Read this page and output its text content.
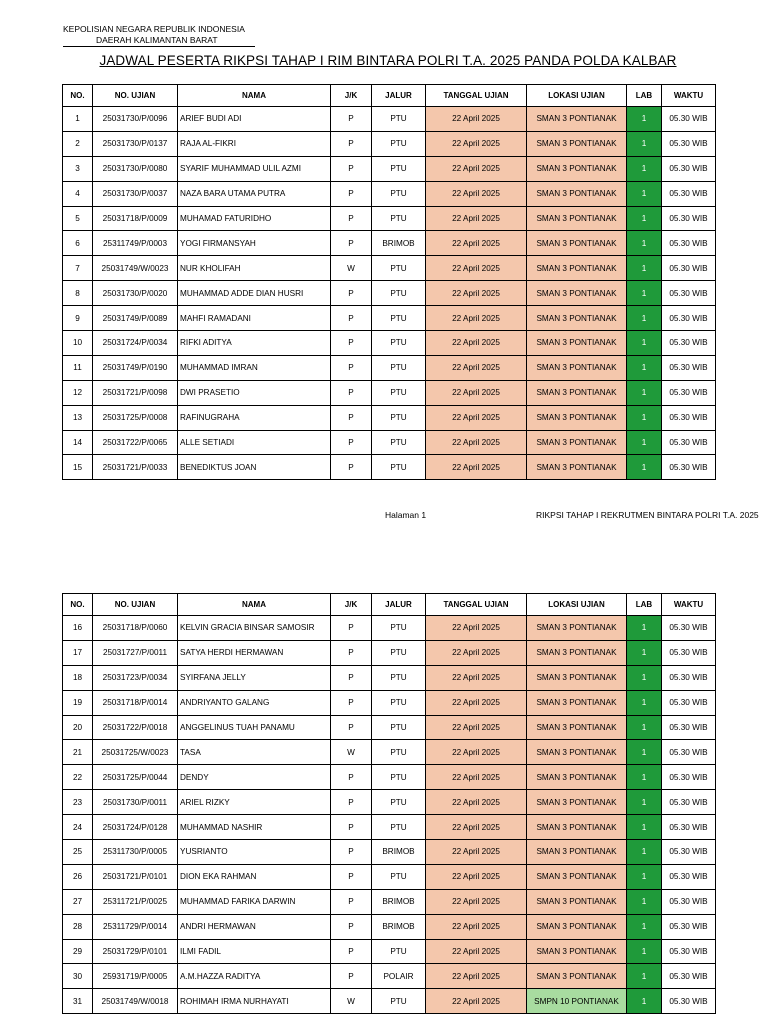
KEPOLISIAN NEGARA REPUBLIK INDONESIA
DAERAH KALIMANTAN BARAT
JADWAL PESERTA RIKPSI TAHAP I RIM BINTARA POLRI T.A. 2025 PANDA POLDA KALBAR
NO.	NO. UJIAN	NAMA	J/K	JALUR	TANGGAL UJIAN	LOKASI UJIAN	LAB	WAKTU
1	25031730/P/0096	ARIEF BUDI ADI	P	PTU	22 April 2025	SMAN 3 PONTIANAK	1	05.30 WIB
2	25031730/P/0137	RAJA AL-FIKRI	P	PTU	22 April 2025	SMAN 3 PONTIANAK	1	05.30 WIB
3	25031730/P/0080	SYARIF MUHAMMAD ULIL AZMI	P	PTU	22 April 2025	SMAN 3 PONTIANAK	1	05.30 WIB
4	25031730/P/0037	NAZA BARA UTAMA PUTRA	P	PTU	22 April 2025	SMAN 3 PONTIANAK	1	05.30 WIB
5	25031718/P/0009	MUHAMAD FATURIDHO	P	PTU	22 April 2025	SMAN 3 PONTIANAK	1	05.30 WIB
6	25311749/P/0003	YOGI FIRMANSYAH	P	BRIMOB	22 April 2025	SMAN 3 PONTIANAK	1	05.30 WIB
7	25031749/W/0023	NUR KHOLIFAH	W	PTU	22 April 2025	SMAN 3 PONTIANAK	1	05.30 WIB
8	25031730/P/0020	MUHAMMAD ADDE DIAN HUSRI	P	PTU	22 April 2025	SMAN 3 PONTIANAK	1	05.30 WIB
9	25031749/P/0089	MAHFI RAMADANI	P	PTU	22 April 2025	SMAN 3 PONTIANAK	1	05.30 WIB
10	25031724/P/0034	RIFKI ADITYA	P	PTU	22 April 2025	SMAN 3 PONTIANAK	1	05.30 WIB
11	25031749/P/0190	MUHAMMAD IMRAN	P	PTU	22 April 2025	SMAN 3 PONTIANAK	1	05.30 WIB
12	25031721/P/0098	DWI PRASETIO	P	PTU	22 April 2025	SMAN 3 PONTIANAK	1	05.30 WIB
13	25031725/P/0008	RAFINUGRAHA	P	PTU	22 April 2025	SMAN 3 PONTIANAK	1	05.30 WIB
14	25031722/P/0065	ALLE SETIADI	P	PTU	22 April 2025	SMAN 3 PONTIANAK	1	05.30 WIB
15	25031721/P/0033	BENEDIKTUS JOAN	P	PTU	22 April 2025	SMAN 3 PONTIANAK	1	05.30 WIB
Halaman 1	RIKPSI TAHAP I REKRUTMEN BINTARA POLRI T.A. 2025
NO.	NO. UJIAN	NAMA	J/K	JALUR	TANGGAL UJIAN	LOKASI UJIAN	LAB	WAKTU
16	25031718/P/0060	KELVIN GRACIA BINSAR SAMOSIR	P	PTU	22 April 2025	SMAN 3 PONTIANAK	1	05.30 WIB
17	25031727/P/0011	SATYA HERDI HERMAWAN	P	PTU	22 April 2025	SMAN 3 PONTIANAK	1	05.30 WIB
18	25031723/P/0034	SYIRFANA JELLY	P	PTU	22 April 2025	SMAN 3 PONTIANAK	1	05.30 WIB
19	25031718/P/0014	ANDRIYANTO GALANG	P	PTU	22 April 2025	SMAN 3 PONTIANAK	1	05.30 WIB
20	25031722/P/0018	ANGGELINUS TUAH PANAMU	P	PTU	22 April 2025	SMAN 3 PONTIANAK	1	05.30 WIB
21	25031725/W/0023	TASA	W	PTU	22 April 2025	SMAN 3 PONTIANAK	1	05.30 WIB
22	25031725/P/0044	DENDY	P	PTU	22 April 2025	SMAN 3 PONTIANAK	1	05.30 WIB
23	25031730/P/0011	ARIEL RIZKY	P	PTU	22 April 2025	SMAN 3 PONTIANAK	1	05.30 WIB
24	25031724/P/0128	MUHAMMAD NASHIR	P	PTU	22 April 2025	SMAN 3 PONTIANAK	1	05.30 WIB
25	25311730/P/0005	YUSRIANTO	P	BRIMOB	22 April 2025	SMAN 3 PONTIANAK	1	05.30 WIB
26	25031721/P/0101	DION EKA RAHMAN	P	PTU	22 April 2025	SMAN 3 PONTIANAK	1	05.30 WIB
27	25311721/P/0025	MUHAMMAD FARIKA DARWIN	P	BRIMOB	22 April 2025	SMAN 3 PONTIANAK	1	05.30 WIB
28	25311729/P/0014	ANDRI HERMAWAN	P	BRIMOB	22 April 2025	SMAN 3 PONTIANAK	1	05.30 WIB
29	25031729/P/0101	ILMI FADIL	P	PTU	22 April 2025	SMAN 3 PONTIANAK	1	05.30 WIB
30	25931719/P/0005	A.M.HAZZA RADITYA	P	POLAIR	22 April 2025	SMAN 3 PONTIANAK	1	05.30 WIB
31	25031749/W/0018	ROHIMAH IRMA NURHAYATI	W	PTU	22 April 2025	SMPN 10 PONTIANAK	1	05.30 WIB
